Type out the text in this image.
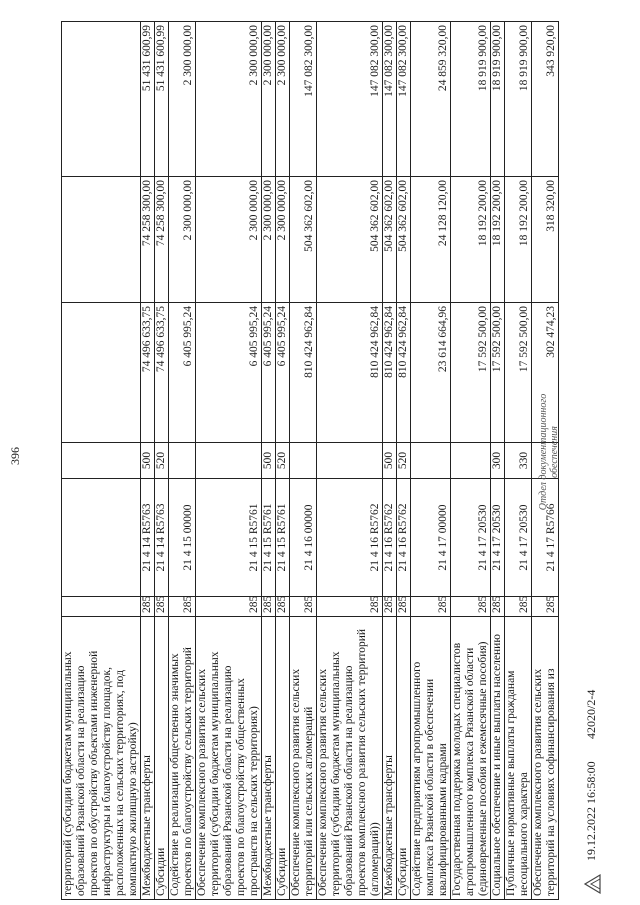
396
территорий (субсидии бюджетам муниципальных образований Рязанской области на реализацию проектов по обустройству объектами инженерной инфраструктуры и благоустройству площадок, расположенных на сельских территориях, под компактную жилищную застройку)						
Межбюджетные трансферты	285	21 4 14 R5763	500	74 496 633,75	74 258 300,00	51 431 600,99
Субсидии	285	21 4 14 R5763	520	74 496 633,75	74 258 300,00	51 431 600,99
Содействие в реализации общественно значимых проектов по благоустройству сельских территорий	285	21 4 15 00000		6 405 995,24	2 300 000,00	2 300 000,00
Обеспечение комплексного развития сельских территорий (субсидии бюджетам муниципальных образований Рязанской области на реализацию проектов по благоустройству общественных пространств на сельских территориях)	285	21 4 15 R5761		6 405 995,24	2 300 000,00	2 300 000,00
Межбюджетные трансферты	285	21 4 15 R5761	500	6 405 995,24	2 300 000,00	2 300 000,00
Субсидии	285	21 4 15 R5761	520	6 405 995,24	2 300 000,00	2 300 000,00
Обеспечение комплексного развития сельских территорий или сельских агломераций	285	21 4 16 00000		810 424 962,84	504 362 602,00	147 082 300,00
Обеспечение комплексного развития сельских территорий (субсидии бюджетам муниципальных образований Рязанской области на реализацию проектов комплексного развития сельских территорий (агломераций))	285	21 4 16 R5762		810 424 962,84	504 362 602,00	147 082 300,00
Межбюджетные трансферты	285	21 4 16 R5762	500	810 424 962,84	504 362 602,00	147 082 300,00
Субсидии	285	21 4 16 R5762	520	810 424 962,84	504 362 602,00	147 082 300,00
Содействие предприятиям агропромышленного комплекса Рязанской области в обеспечении квалифицированными кадрами	285	21 4 17 00000		23 614 664,96	24 128 120,00	24 859 320,00
Государственная поддержка молодых специалистов агропромышленного комплекса Рязанской области (единовременные пособия и ежемесячные пособия)	285	21 4 17 20530		17 592 500,00	18 192 200,00	18 919 900,00
Социальное обеспечение и иные выплаты населению	285	21 4 17 20530	300	17 592 500,00	18 192 200,00	18 919 900,00
Публичные нормативные выплаты гражданам несоциального характера	285	21 4 17 20530	330	17 592 500,00	18 192 200,00	18 919 900,00
Обеспечение комплексного развития сельских территорий на условиях софинансирования из	285	21 4 17 R5766		302 474,23	318 320,00	343 920,00
Отдел документационного обеспечения
19.12.2022 16:58:00
42020/2-4
